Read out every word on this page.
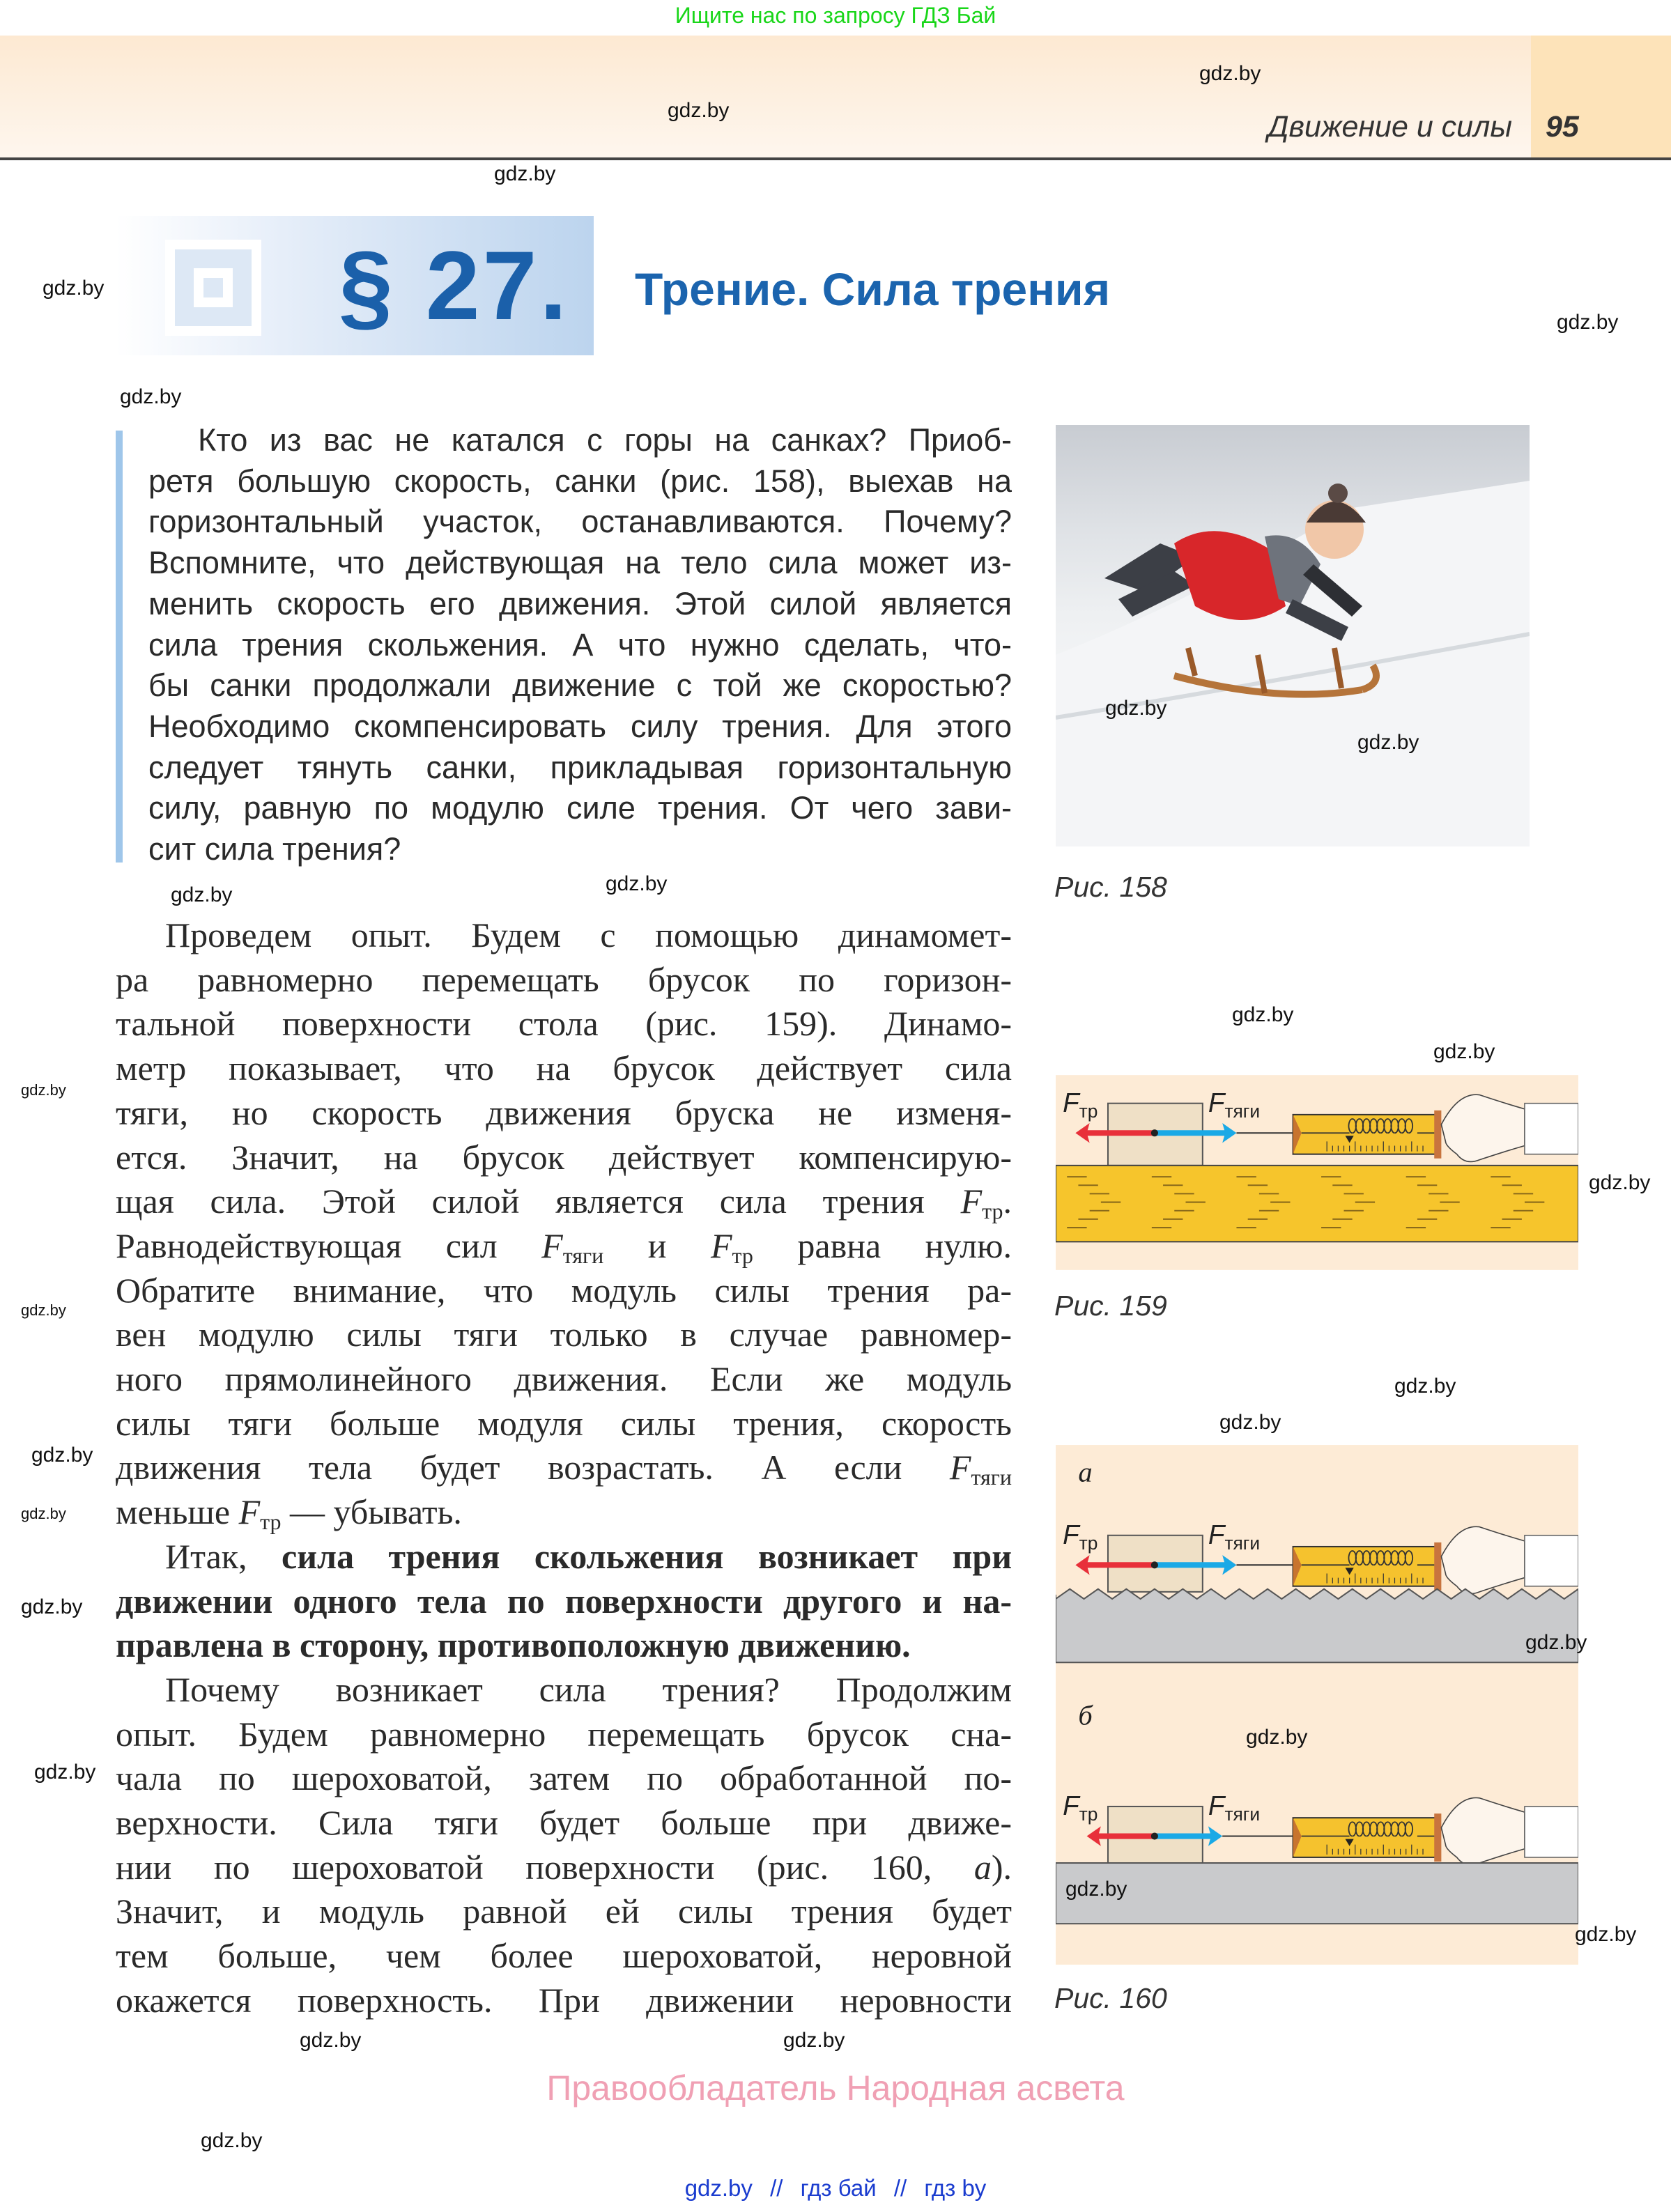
Ищите нас по запросу ГДЗ Бай
Движение и силы 95
§ 27. Трение. Сила трения
Кто из вас не катался с горы на санках? Приоб-
ретя большую скорость, санки (рис. 158), выехав на
горизонтальный участок, останавливаются. Почему?
Вспомните, что действующая на тело сила может из-
менить скорость его движения. Этой силой является
сила трения скольжения. А что нужно сделать, что-
бы санки продолжали движение с той же скоростью?
Необходимо скомпенсировать силу трения. Для этого
следует тянуть санки, прикладывая горизонтальную
силу, равную по модулю силе трения. От чего зави-
сит сила трения?
Проведем опыт. Будем с помощью динамомет-
ра равномерно перемещать брусок по горизон-
тальной поверхности стола (рис. 159). Динамо-
метр показывает, что на брусок действует сила
тяги, но скорость движения бруска не изменя-
ется. Значит, на брусок действует компенсирую-
щая сила. Этой силой является сила трения $F_{тр}$.
Равнодействующая сил $F_{тяги}$ и $F_{тр}$ равна нулю.
Обратите внимание, что модуль силы трения ра-
вен модулю силы тяги только в случае равномер-
ного прямолинейного движения. Если же модуль
силы тяги больше модуля силы трения, скорость
движения тела будет возрастать. А если $F_{тяги}$
меньше $F_{тр}$ — убывать.
Итак, сила трения скольжения возникает при
движении одного тела по поверхности другого и на-
правлена в сторону, противоположную движению.
Почему возникает сила трения? Продолжим
опыт. Будем равномерно перемещать брусок сна-
чала по шероховатой, затем по обработанной по-
верхности. Сила тяги будет больше при движе-
нии по шероховатой поверхности (рис. 160, а).
Значит, и модуль равной ей силы трения будет
тем больше, чем более шероховатой, неровной
окажется поверхность. При движении неровности
Рис. 158
$F_{тр}$	$F_{тяги}$
Рис. 159
а
$F_{тр}$	$F_{тяги}$
б
$F_{тр}$	$F_{тяги}$
Рис. 160
Правообладатель Народная асвета
gdz.by // гдз бай // гдз by
gdz.by
gdz.by
gdz.by
gdz.by
gdz.by
gdz.by
gdz.by
gdz.by
gdz.by
gdz.by
gdz.by
gdz.by
gdz.by
gdz.by
gdz.by
gdz.by
gdz.by
gdz.by
gdz.by
gdz.by
gdz.by
gdz.by
gdz.by
gdz.by
gdz.by
gdz.by	gdz.by
gdz.by
